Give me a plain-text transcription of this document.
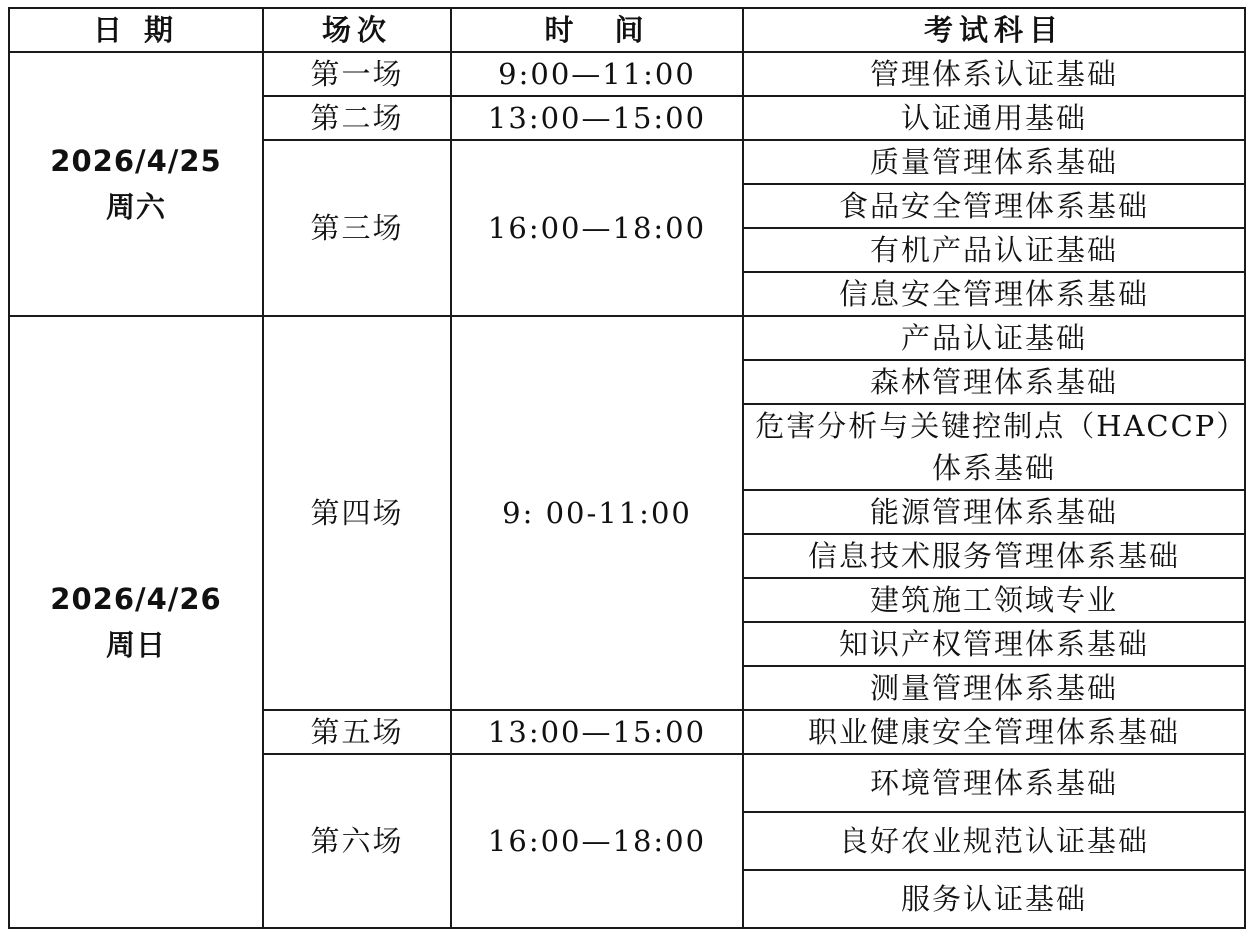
日 期	场次	时　间	考试科目

2026/4/25
周六	第一场	9:00—11:00	管理体系认证基础
	第二场	13:00—15:00	认证通用基础
	第三场	16:00—18:00	质量管理体系基础
			食品安全管理体系基础
			有机产品认证基础
			信息安全管理体系基础

2026/4/26
周日	第四场	9: 00-11:00	产品认证基础
			森林管理体系基础
			危害分析与关键控制点（HACCP）体系基础
			能源管理体系基础
			信息技术服务管理体系基础
			建筑施工领域专业
			知识产权管理体系基础
			测量管理体系基础
	第五场	13:00—15:00	职业健康安全管理体系基础
	第六场	16:00—18:00	环境管理体系基础
			良好农业规范认证基础
			服务认证基础
